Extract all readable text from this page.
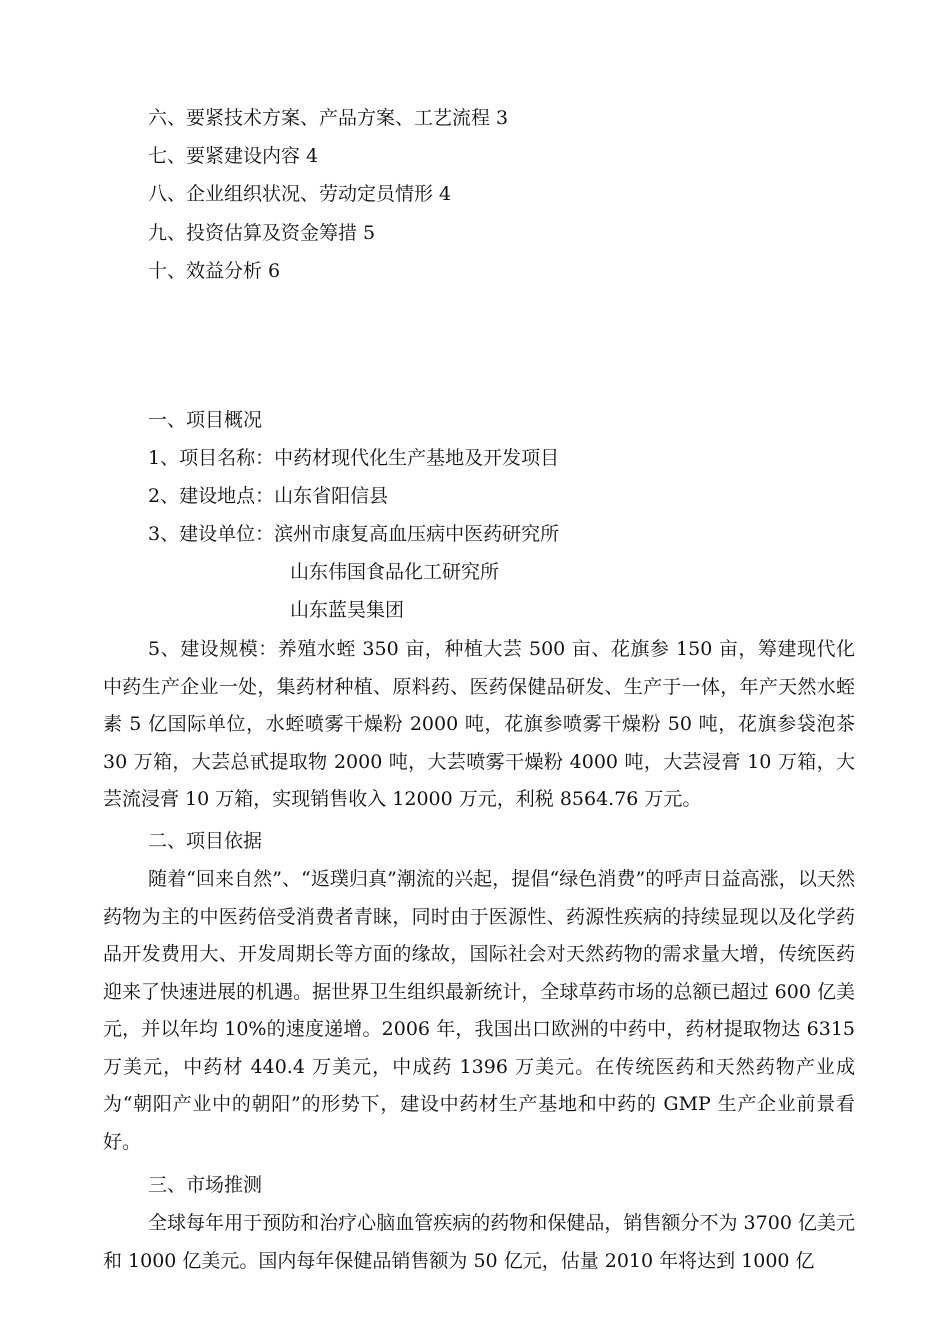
六、要紧技术方案、产品方案、工艺流程 3
七、要紧建设内容 4
八、企业组织状况、劳动定员情形 4
九、投资估算及资金筹措 5
十、效益分析 6
一、项目概况
1、项目名称：中药材现代化生产基地及开发项目
2、建设地点：山东省阳信县
3、建设单位：滨州市康复高血压病中医药研究所
山东伟国食品化工研究所
山东蓝昊集团
5、建设规模：养殖水蛭 350 亩，种植大芸 500 亩、花旗参 150 亩，筹建现代化中药生产企业一处，集药材种植、原料药、医药保健品研发、生产于一体，年产天然水蛭素 5 亿国际单位，水蛭喷雾干燥粉 2000 吨，花旗参喷雾干燥粉 50 吨，花旗参袋泡茶 30 万箱，大芸总甙提取物 2000 吨，大芸喷雾干燥粉 4000 吨，大芸浸膏 10 万箱，大芸流浸膏 10 万箱，实现销售收入 12000 万元，利税 8564.76 万元。
二、项目依据
随着“回来自然”、“返璞归真”潮流的兴起，提倡“绿色消费”的呼声日益高涨，以天然药物为主的中医药倍受消费者青睐，同时由于医源性、药源性疾病的持续显现以及化学药品开发费用大、开发周期长等方面的缘故，国际社会对天然药物的需求量大增，传统医药迎来了快速进展的机遇。据世界卫生组织最新统计，全球草药市场的总额已超过 600 亿美元，并以年均 10%的速度递增。2006 年，我国出口欧洲的中药中，药材提取物达 6315 万美元，中药材 440.4 万美元，中成药 1396 万美元。在传统医药和天然药物产业成为“朝阳产业中的朝阳”的形势下，建设中药材生产基地和中药的 GMP 生产企业前景看好。
三、市场推测
全球每年用于预防和治疗心脑血管疾病的药物和保健品，销售额分不为 3700 亿美元和 1000 亿美元。国内每年保健品销售额为 50 亿元，估量 2010 年将达到 1000 亿
